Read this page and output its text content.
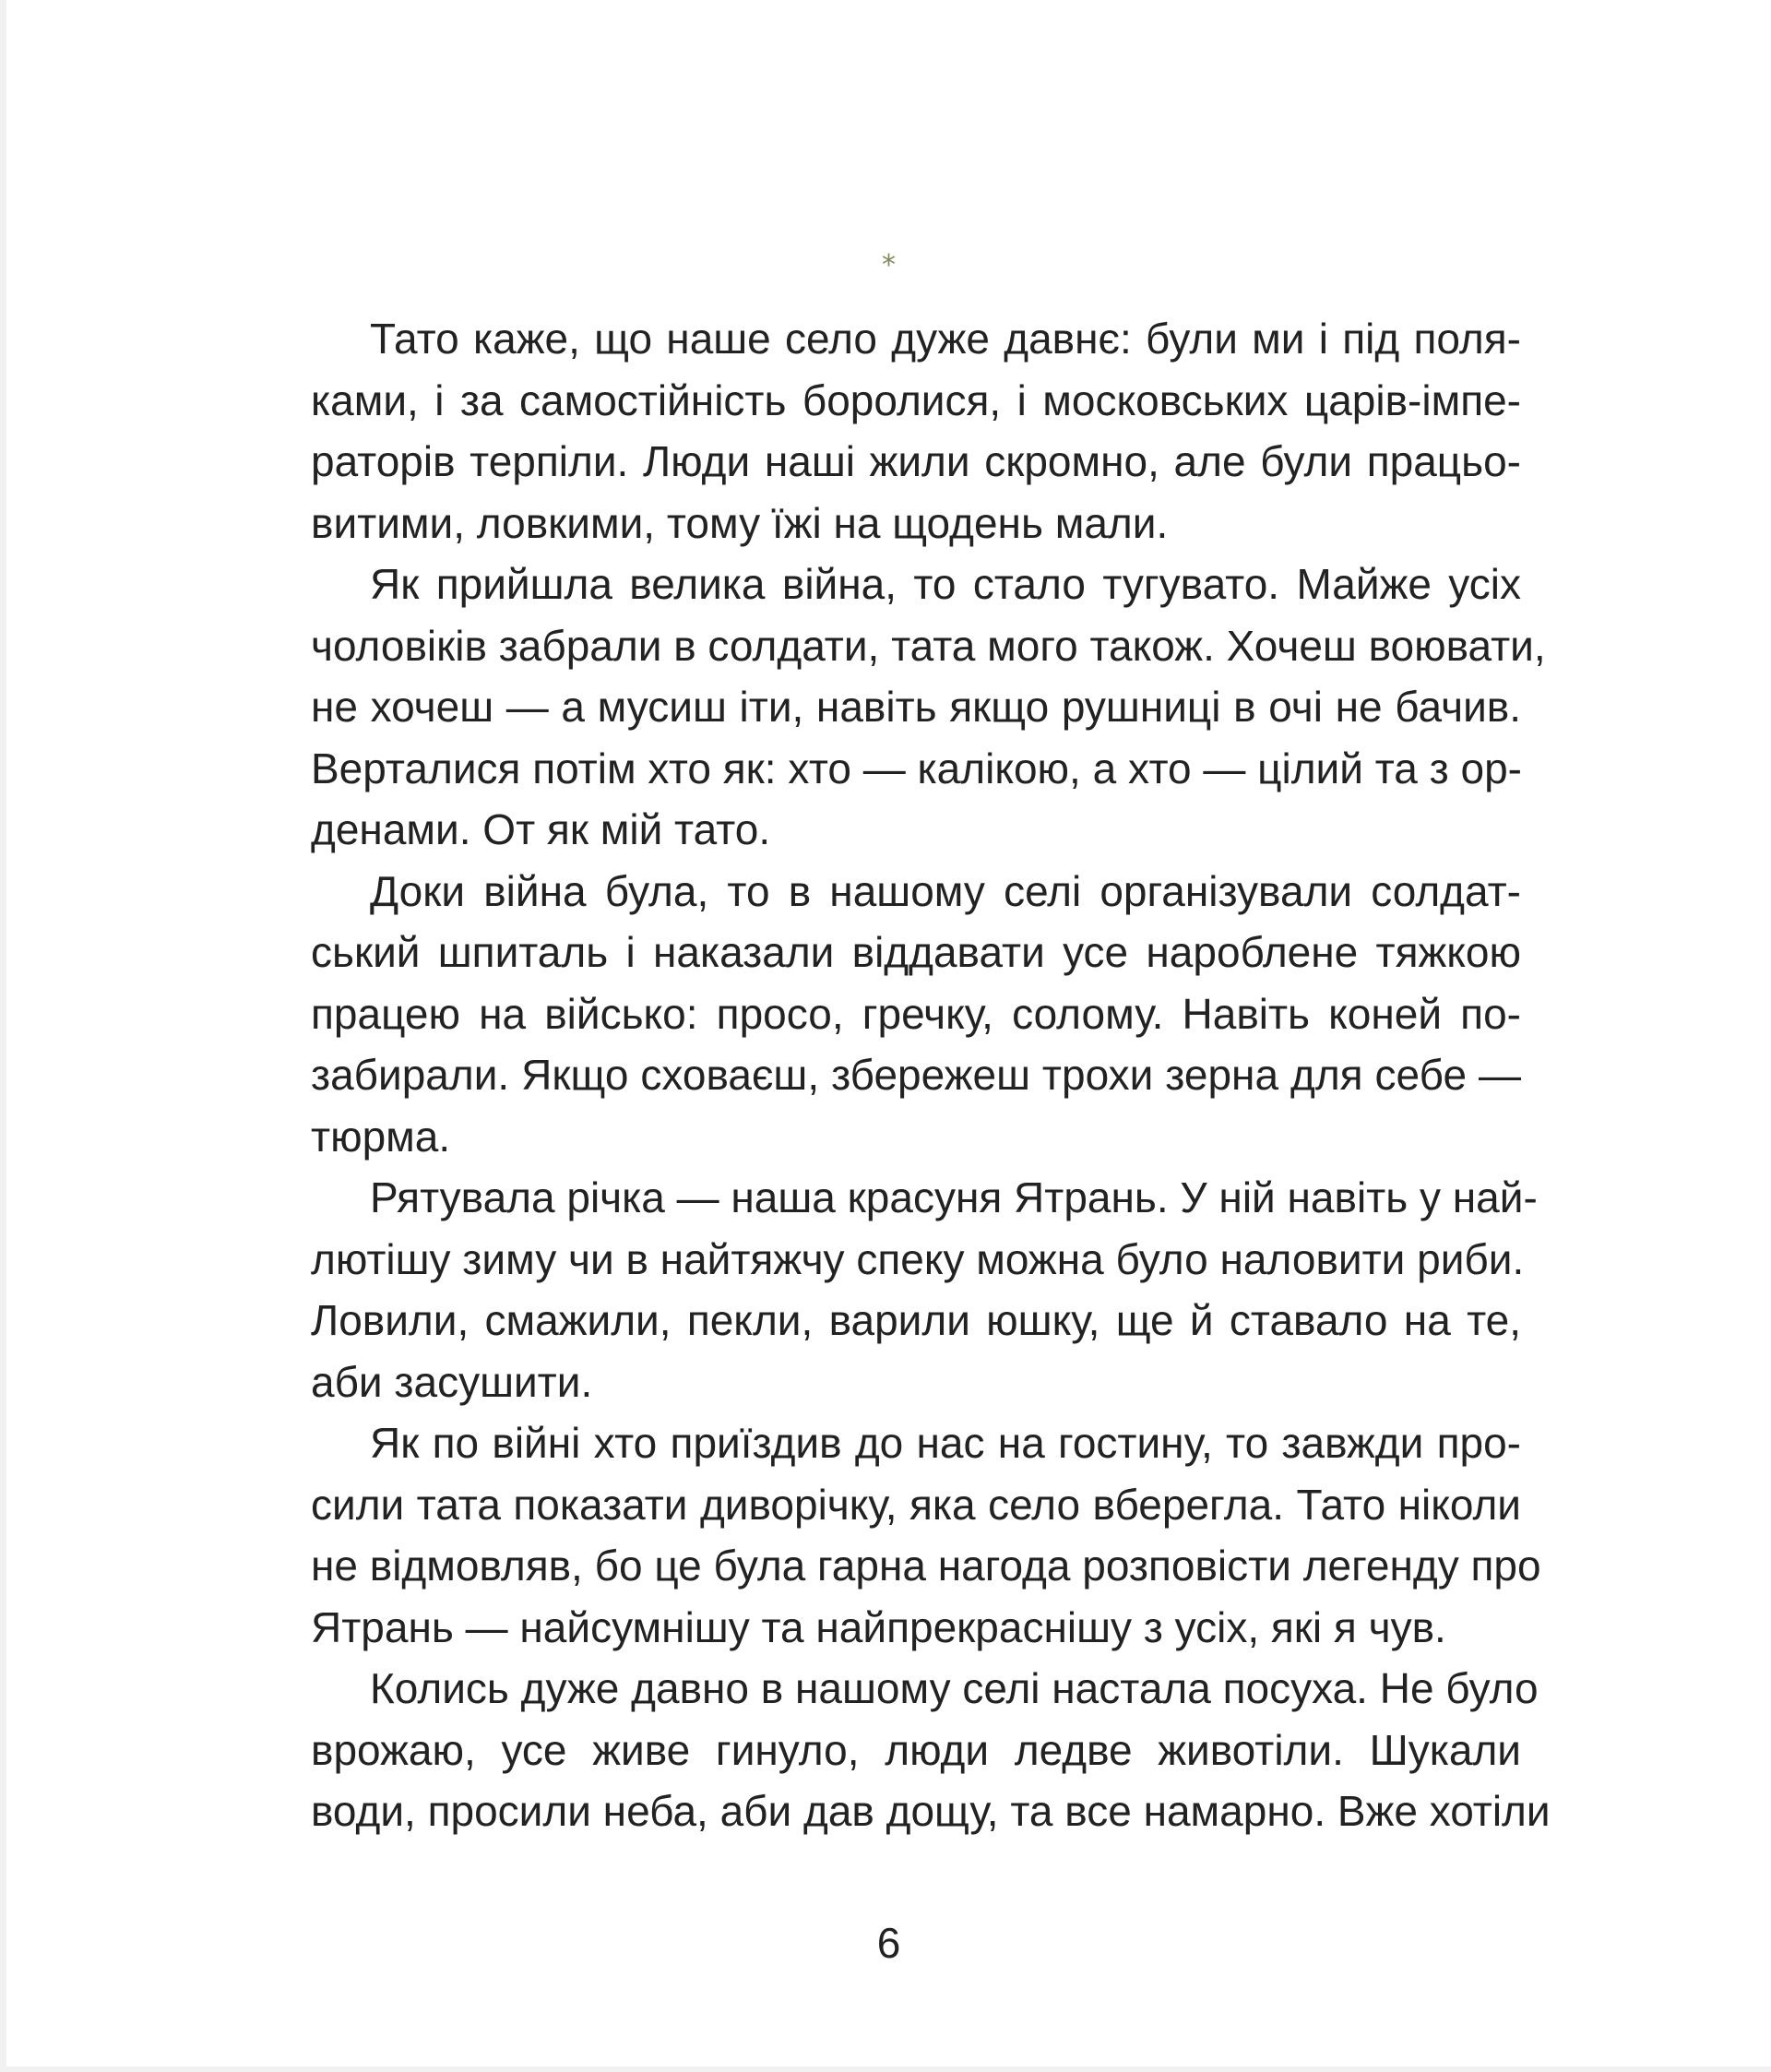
*
Тато каже, що наше село дуже давнє: були ми і під поля-
ками, і за самостійність боролися, і московських царів-імпе-
раторів терпіли. Люди наші жили скромно, але були працьо-
витими, ловкими, тому їжі на щодень мали.
Як прийшла велика війна, то стало тугувато. Майже усіх
чоловіків забрали в солдати, тата мого також. Хочеш воювати,
не хочеш — а мусиш іти, навіть якщо рушниці в очі не бачив.
Верталися потім хто як: хто — калікою, а хто — цілий та з ор-
денами. От як мій тато.
Доки війна була, то в нашому селі організували солдат-
ський шпиталь і наказали віддавати усе нароблене тяжкою
працею на військо: просо, гречку, солому. Навіть коней по-
забирали. Якщо сховаєш, збережеш трохи зерна для себе —
тюрма.
Рятувала річка — наша красуня Ятрань. У ній навіть у най-
лютішу зиму чи в найтяжчу спеку можна було наловити риби.
Ловили, смажили, пекли, варили юшку, ще й ставало на те,
аби засушити.
Як по війні хто приїздив до нас на гостину, то завжди про-
сили тата показати диворічку, яка село вберегла. Тато ніколи
не відмовляв, бо це була гарна нагода розповісти легенду про
Ятрань — найсумнішу та найпрекраснішу з усіх, які я чув.
Колись дуже давно в нашому селі настала посуха. Не було
врожаю, усе живе гинуло, люди ледве животіли. Шукали
води, просили неба, аби дав дощу, та все намарно. Вже хотіли
6
